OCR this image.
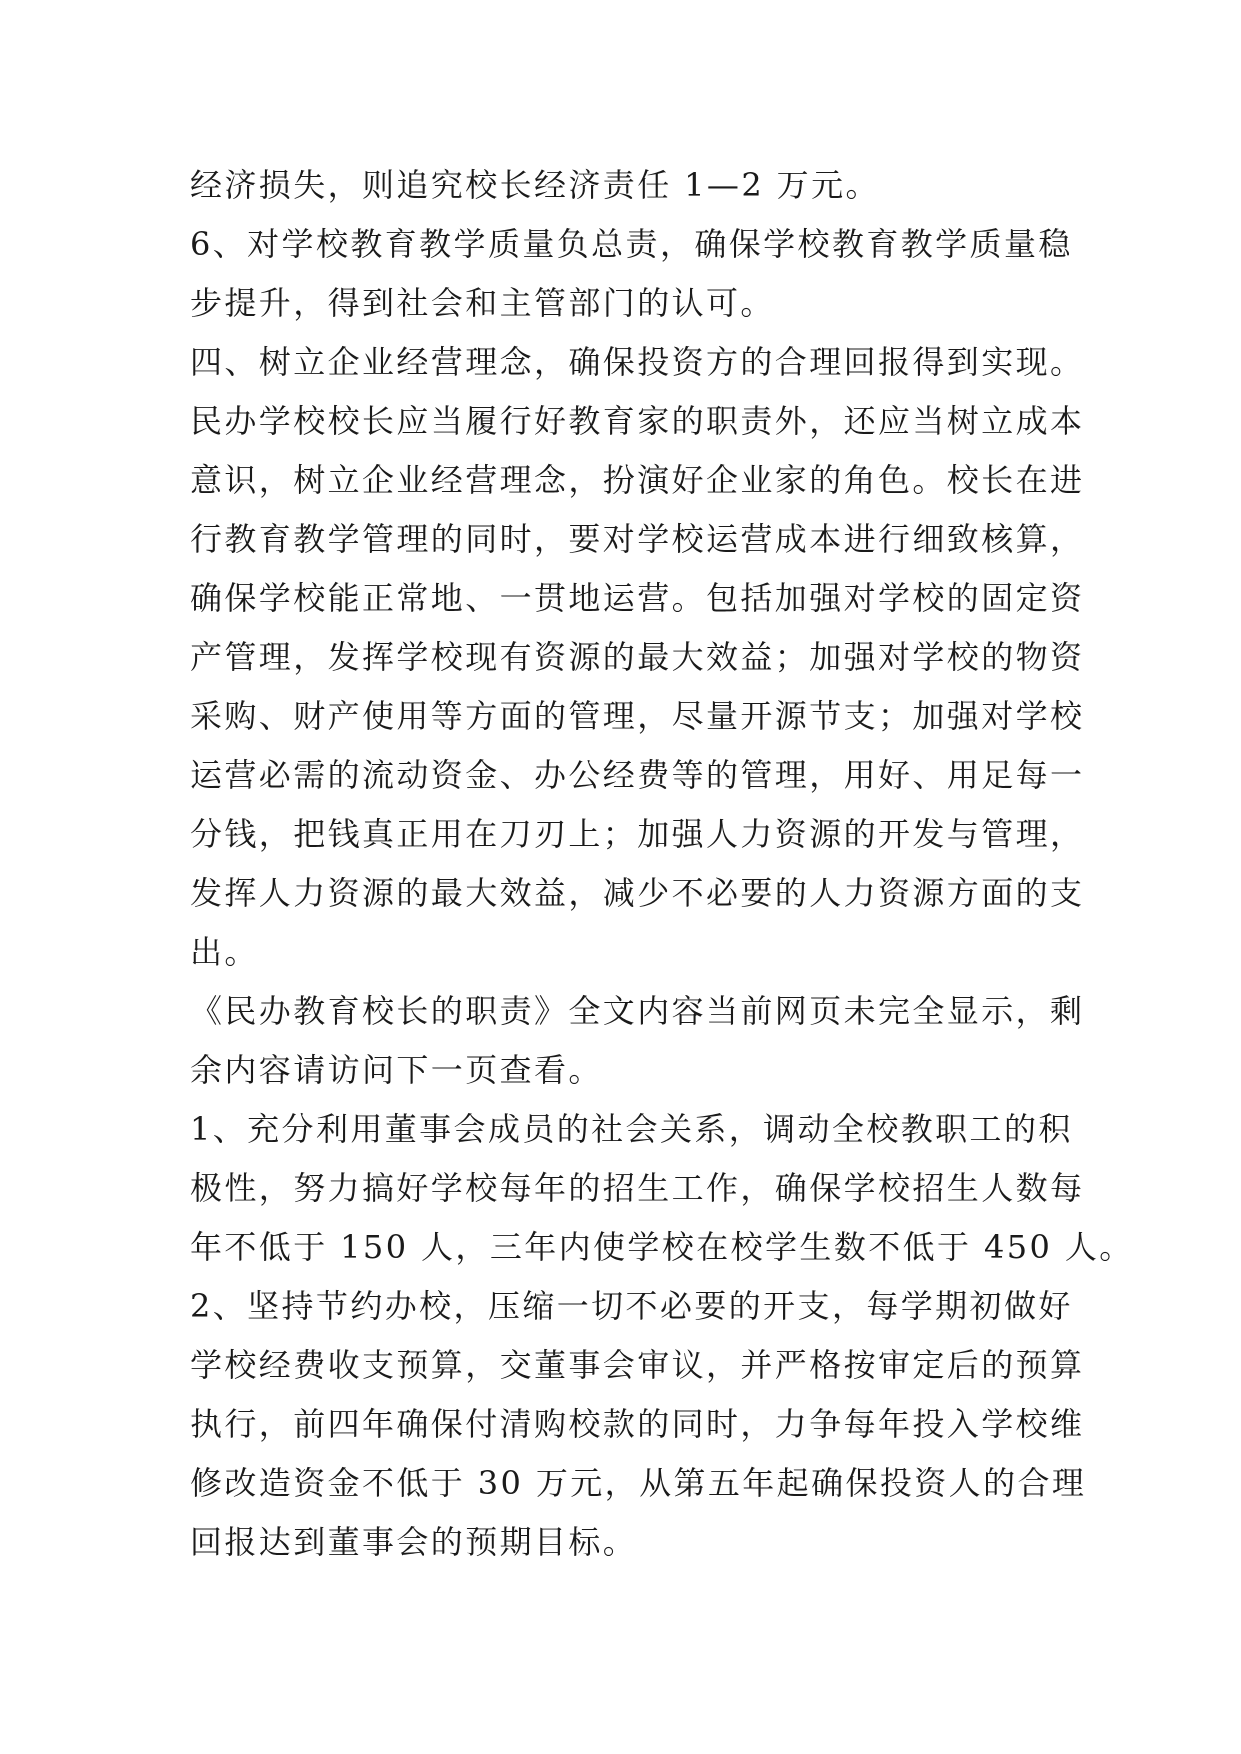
经济损失，则追究校长经济责任 1—2 万元。
6、对学校教育教学质量负总责，确保学校教育教学质量稳
步提升，得到社会和主管部门的认可。
四、树立企业经营理念，确保投资方的合理回报得到实现。
民办学校校长应当履行好教育家的职责外，还应当树立成本
意识，树立企业经营理念，扮演好企业家的角色。校长在进
行教育教学管理的同时，要对学校运营成本进行细致核算，
确保学校能正常地、一贯地运营。包括加强对学校的固定资
产管理，发挥学校现有资源的最大效益；加强对学校的物资
采购、财产使用等方面的管理，尽量开源节支；加强对学校
运营必需的流动资金、办公经费等的管理，用好、用足每一
分钱，把钱真正用在刀刃上；加强人力资源的开发与管理，
发挥人力资源的最大效益，减少不必要的人力资源方面的支
出。
《民办教育校长的职责》全文内容当前网页未完全显示，剩
余内容请访问下一页查看。
1、充分利用董事会成员的社会关系，调动全校教职工的积
极性，努力搞好学校每年的招生工作，确保学校招生人数每
年不低于 150 人，三年内使学校在校学生数不低于 450 人。
2、坚持节约办校，压缩一切不必要的开支，每学期初做好
学校经费收支预算，交董事会审议，并严格按审定后的预算
执行，前四年确保付清购校款的同时，力争每年投入学校维
修改造资金不低于 30 万元，从第五年起确保投资人的合理
回报达到董事会的预期目标。
